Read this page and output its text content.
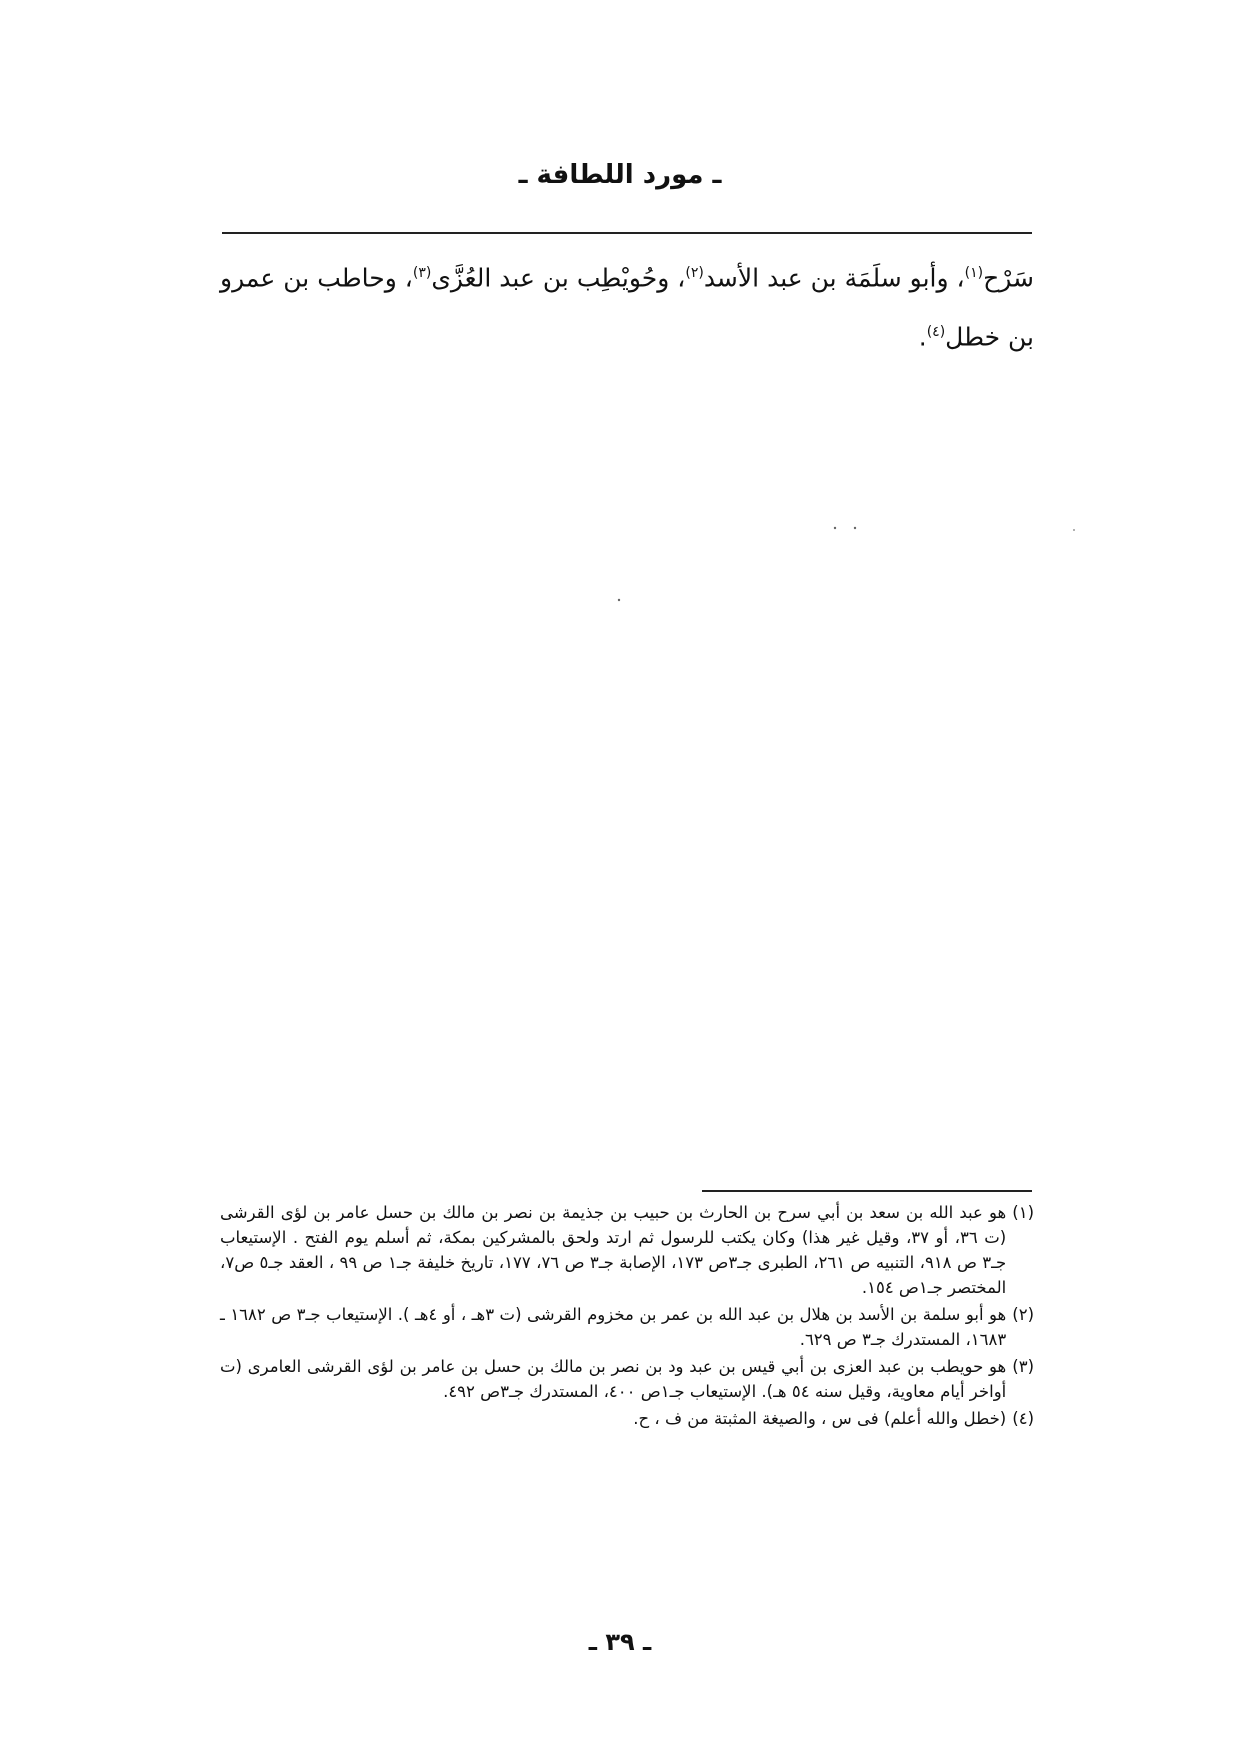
ـ مورد اللطافة ـ
سَرْح$^{(١)}$، وأبو سلَمَة بن عبد الأسد$^{(٢)}$، وحُويْطِب بن عبد العُزَّى$^{(٣)}$، وحاطب بن عمرو بن خطل$^{(٤)}$.
(١)
هو عبد الله بن سعد بن أبي سرح بن الحارث بن حبيب بن جذيمة بن نصر بن مالك بن حسل عامر بن لؤى القرشى (ت ٣٦، أو ٣٧، وقيل غير هذا) وكان يكتب للرسول ثم ارتد ولحق بالمشركين بمكة، ثم أسلم يوم الفتح . الإستيعاب جـ٣ ص ٩١٨، التنبيه ص ٢٦١، الطبرى جـ٣ص ١٧٣، الإصابة جـ٣ ص ٧٦، ١٧٧، تاريخ خليفة جـ١ ص ٩٩ ، العقد جـ٥ ص٧، المختصر جـ١ص ١٥٤.
(٢)
هو أبو سلمة بن الأسد بن هلال بن عبد الله بن عمر بن مخزوم القرشى (ت ٣هـ ، أو ٤هـ ). الإستيعاب جـ٣ ص ١٦٨٢ ـ ١٦٨٣، المستدرك جـ٣ ص ٦٢٩.
(٣)
هو حويطب بن عبد العزى بن أبي قيس بن عبد ود بن نصر بن مالك بن حسل بن عامر بن لؤى القرشى العامرى (ت أواخر أيام معاوية، وقيل سنه ٥٤ هـ). الإستيعاب جـ١ص ٤٠٠، المستدرك جـ٣ص ٤٩٢.
(٤)
(خطل والله أعلم) فى س ، والصيغة المثبتة من ف ، ح.
ـ ٣٩ ـ
